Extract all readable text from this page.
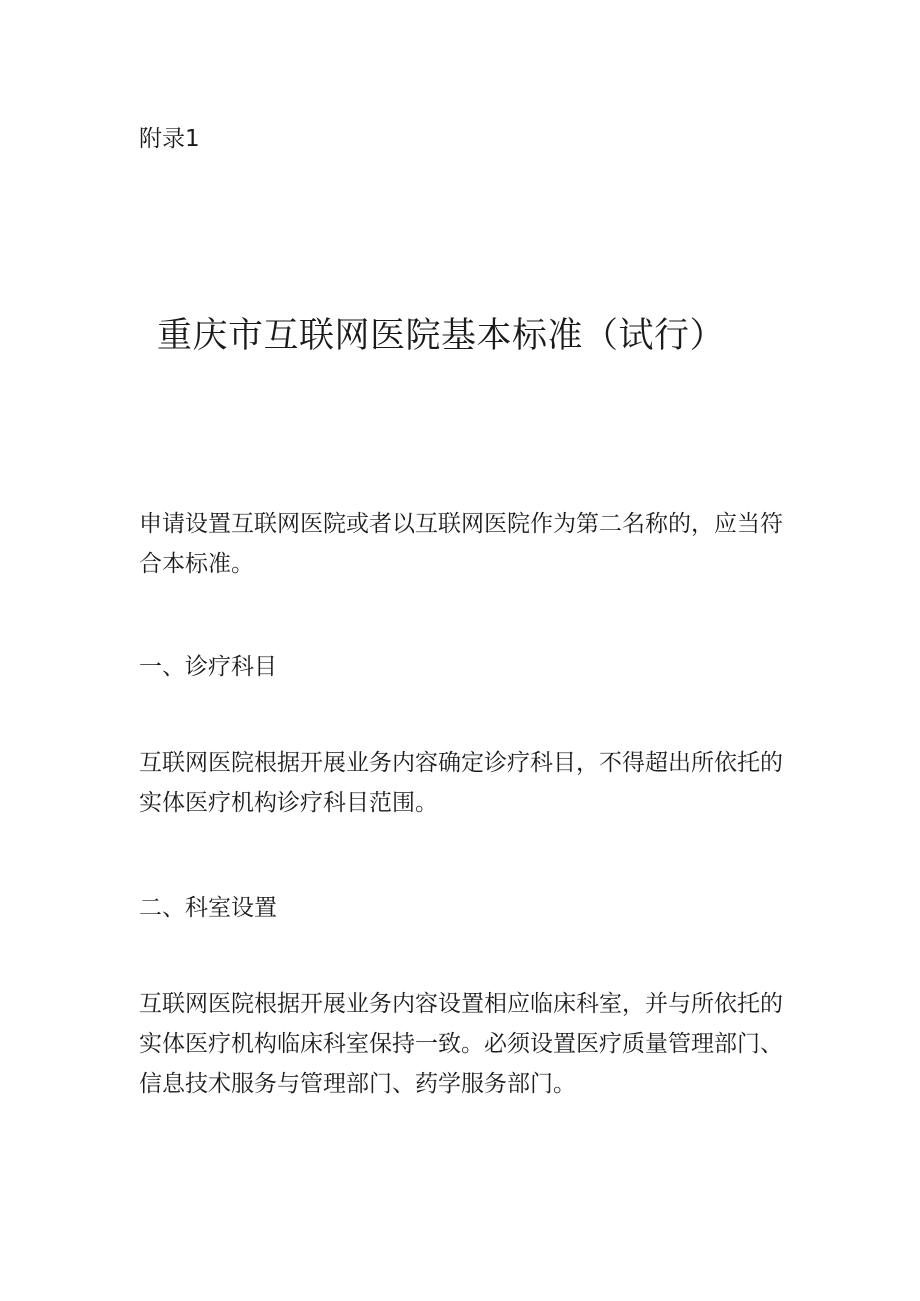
附录1
重庆市互联网医院基本标准（试行）
申请设置互联网医院或者以互联网医院作为第二名称的，应当符
合本标准。
一、诊疗科目
互联网医院根据开展业务内容确定诊疗科目，不得超出所依托的
实体医疗机构诊疗科目范围。
二、科室设置
互联网医院根据开展业务内容设置相应临床科室，并与所依托的
实体医疗机构临床科室保持一致。必须设置医疗质量管理部门、
信息技术服务与管理部门、药学服务部门。
